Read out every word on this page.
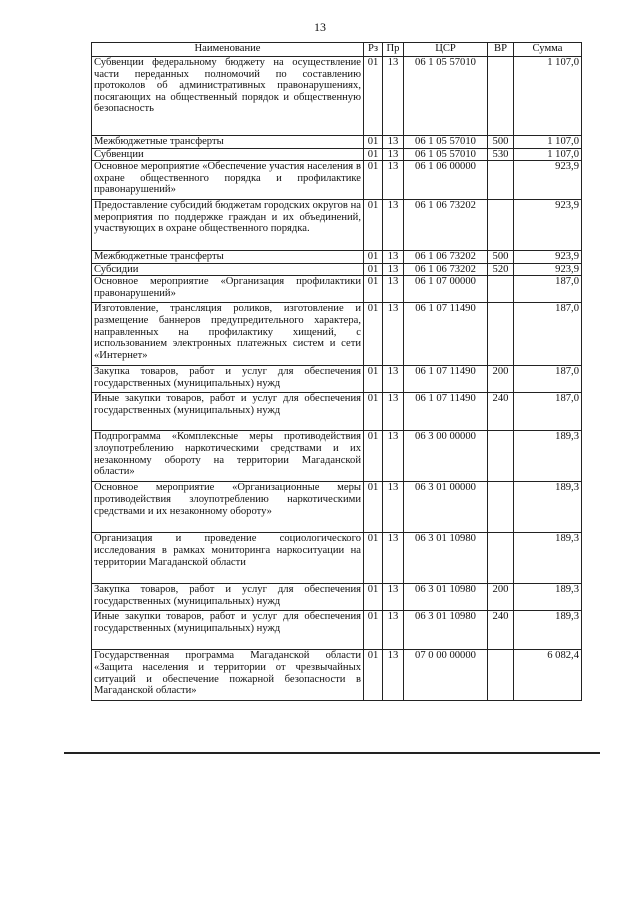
13
Наименование	Рз	Пр	ЦСР	ВР	Сумма
Субвенции федеральному бюджету на осуществление части переданных полномочий по составлению протоколов об административных правонарушениях, посягающих на общественный порядок и общественную безопасность	01	13	06 1 05 57010		1 107,0
Межбюджетные трансферты	01	13	06 1 05 57010	500	1 107,0
Субвенции	01	13	06 1 05 57010	530	1 107,0
Основное мероприятие «Обеспечение участия населения в охране общественного порядка и профилактике правонарушений»	01	13	06 1 06 00000		923,9
Предоставление субсидий бюджетам городских округов на мероприятия по поддержке граждан и их объединений, участвующих в охране общественного порядка.	01	13	06 1 06 73202		923,9
Межбюджетные трансферты	01	13	06 1 06 73202	500	923,9
Субсидии	01	13	06 1 06 73202	520	923,9
Основное мероприятие «Организация профилактики правонарушений»	01	13	06 1 07 00000		187,0
Изготовление, трансляция роликов, изготовление и размещение баннеров предупредительного характера, направленных на профилактику хищений, с использованием электронных платежных систем и сети «Интернет»	01	13	06 1 07 11490		187,0
Закупка товаров, работ и услуг для обеспечения государственных (муниципальных) нужд	01	13	06 1 07 11490	200	187,0
Иные закупки товаров, работ и услуг для обеспечения государственных (муниципальных) нужд	01	13	06 1 07 11490	240	187,0
Подпрограмма «Комплексные меры противодействия злоупотреблению наркотическими средствами и их незаконному обороту на территории Магаданской области»	01	13	06 3 00 00000		189,3
Основное мероприятие «Организационные меры противодействия злоупотреблению наркотическими средствами и их незаконному обороту»	01	13	06 3 01 00000		189,3
Организация и проведение социологического исследования в рамках мониторинга наркоситуации на территории Магаданской области	01	13	06 3 01 10980		189,3
Закупка товаров, работ и услуг для обеспечения государственных (муниципальных) нужд	01	13	06 3 01 10980	200	189,3
Иные закупки товаров, работ и услуг для обеспечения государственных (муниципальных) нужд	01	13	06 3 01 10980	240	189,3
Государственная программа Магаданской области «Защита населения и территории от чрезвычайных ситуаций и обеспечение пожарной безопасности в Магаданской области»	01	13	07 0 00 00000		6 082,4
